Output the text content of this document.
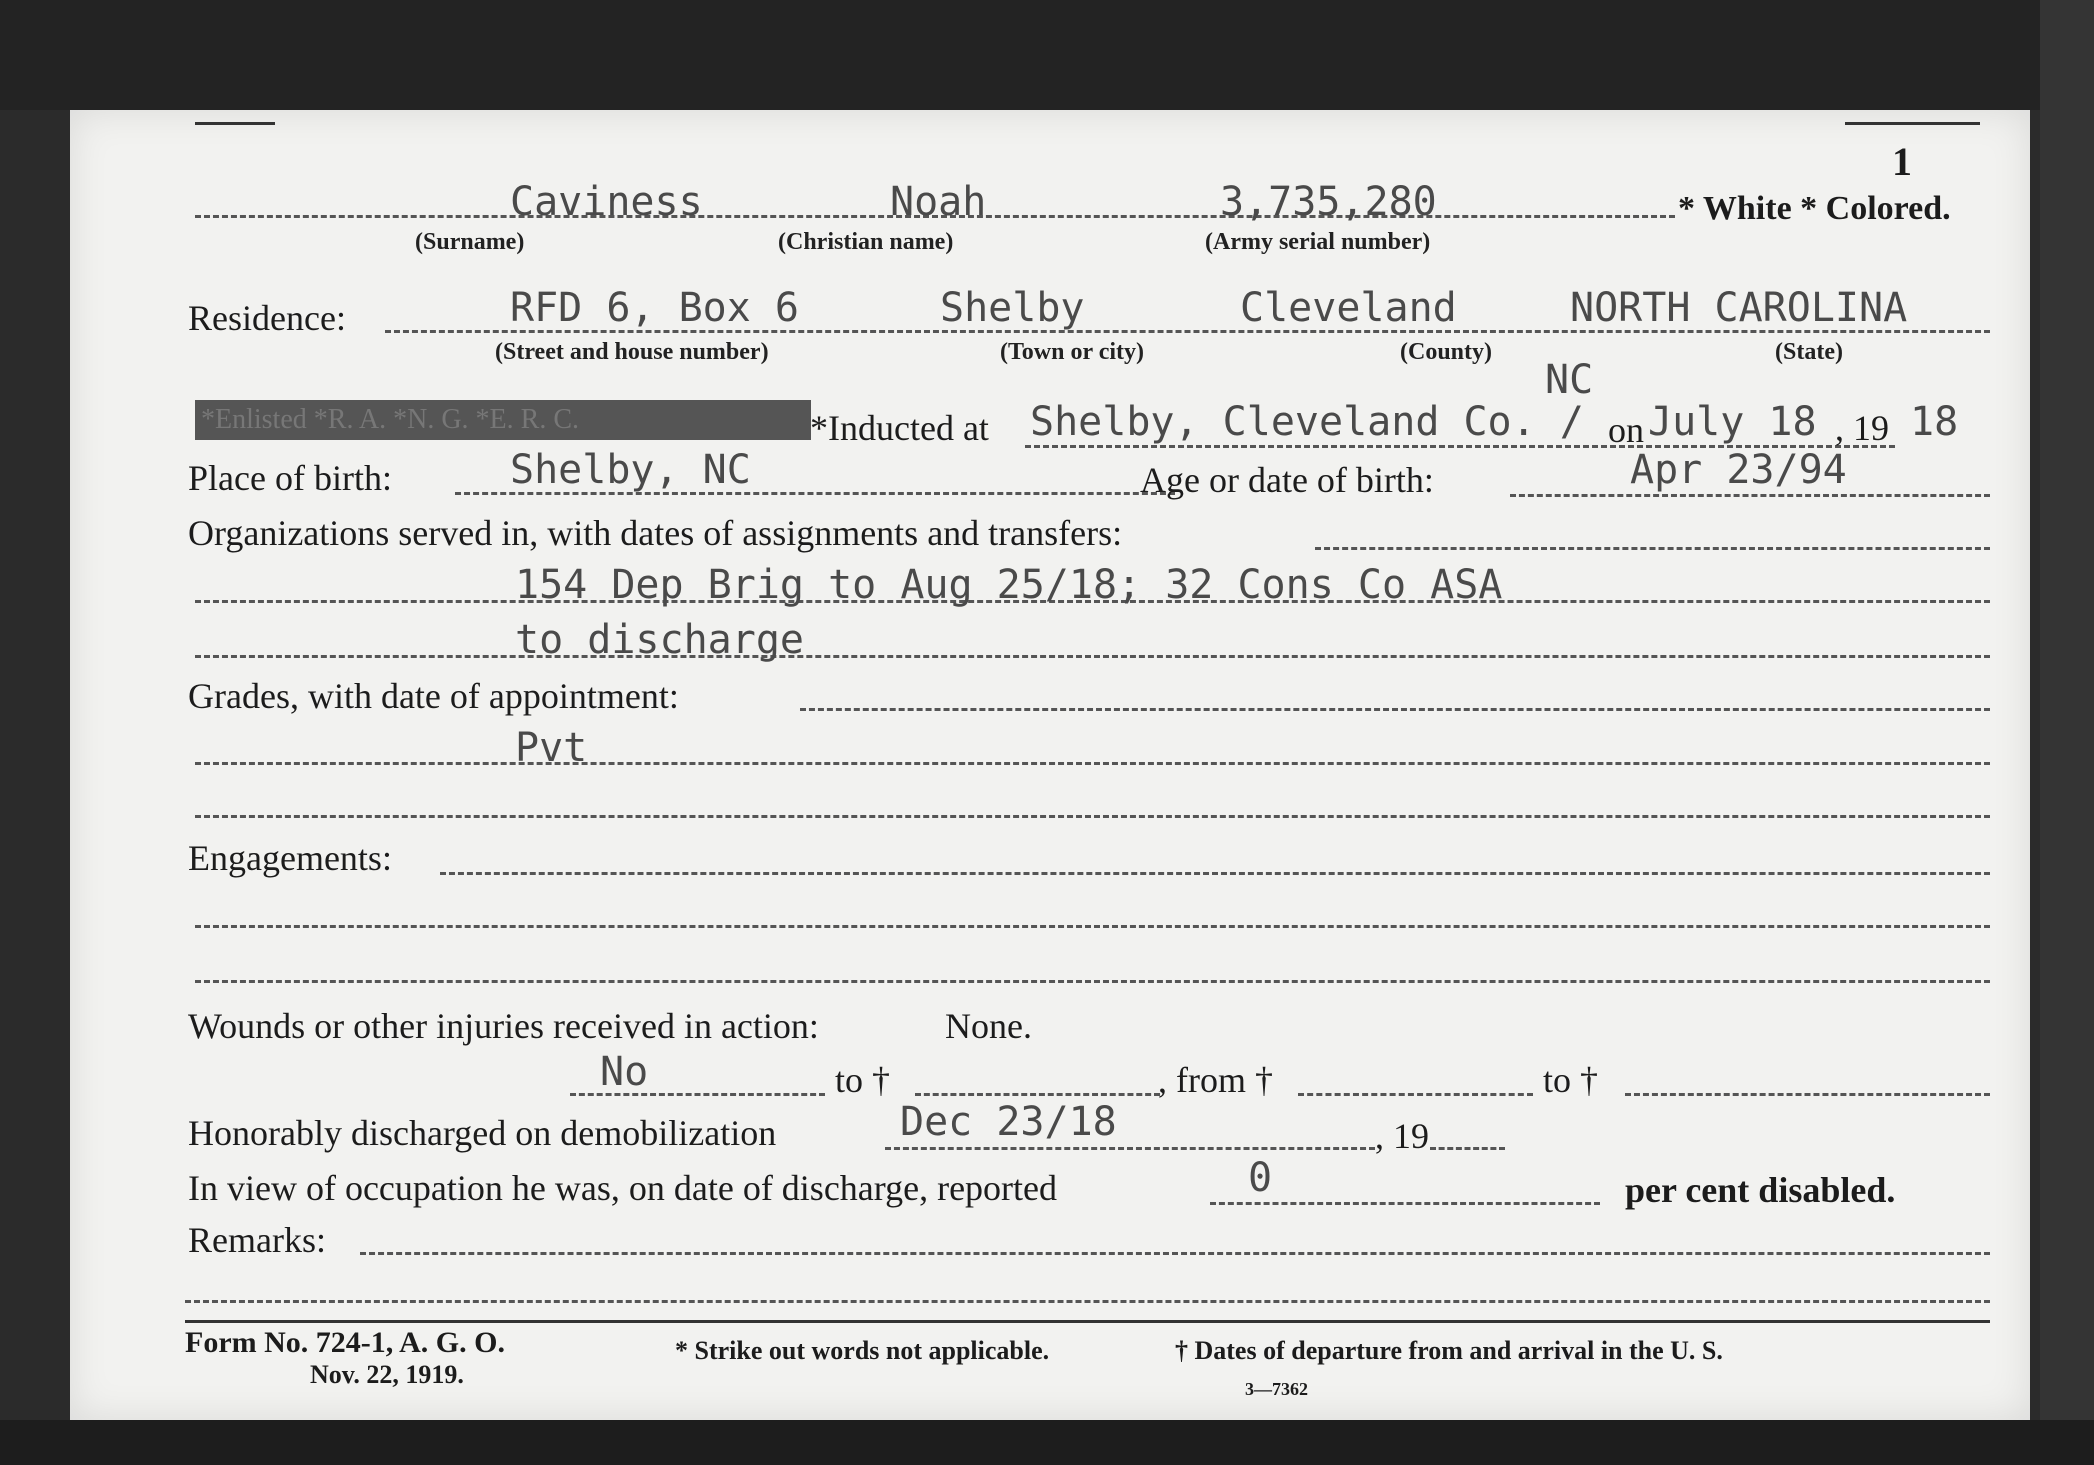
1
Caviness	Noah	3,735,280	* White * Colored.
(Surname)	(Christian name)	(Army serial number)
Residence:	RFD 6, Box 6	Shelby	Cleveland	NORTH CAROLINA
(Street and house number)	(Town or city)	(County)	(State)
NC
*Enlisted *R. A. *N. G. *E. R. C.	*Inducted at Shelby, Cleveland Co. / on July 18 , 19 18
Place of birth:	Shelby, NC	Age or date of birth:	Apr 23/94
Organizations served in, with dates of assignments and transfers:
154 Dep Brig to Aug 25/18; 32 Cons Co ASA
to discharge
Grades, with date of appointment:
Pvt
Engagements:
Wounds or other injuries received in action:	None.
No	to †	, from †	to †
Honorably discharged on demobilization	Dec 23/18	, 19
In view of occupation he was, on date of discharge, reported	0	per cent disabled.
Remarks:
Form No. 724-1, A. G. O.
Nov. 22, 1919.
* Strike out words not applicable.	† Dates of departure from and arrival in the U. S.
3—7362
